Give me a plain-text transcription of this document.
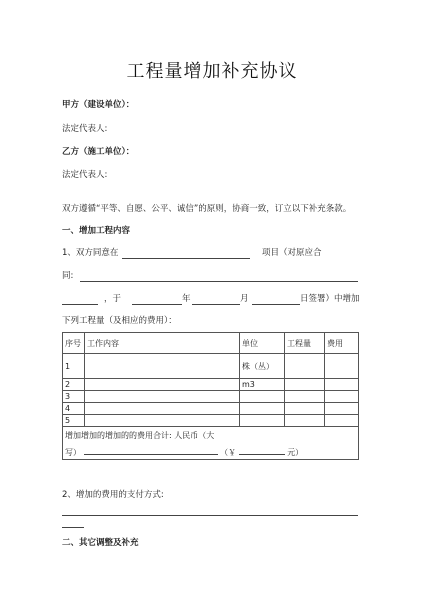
工程量增加补充协议
甲方（建设单位）：
法定代表人:
乙方（施工单位）：
法定代表人:
双方遵循“平等、自愿、公平、诚信”的原则，协商一致，订立以下补充条款。
一、增加工程内容
1、双方同意在	项目（对原应合
同:
，于	年	月	日签署）中增加
下列工程量（及相应的费用）：
序号	工作内容	单位	工程量	费用
1		株（丛）		
2		m3		
3				
4				
5				
增加增加的增加的的费用合计: 人民币（大				
写） （￥ 元）				
2、增加的费用的支付方式:
二、其它调整及补充
